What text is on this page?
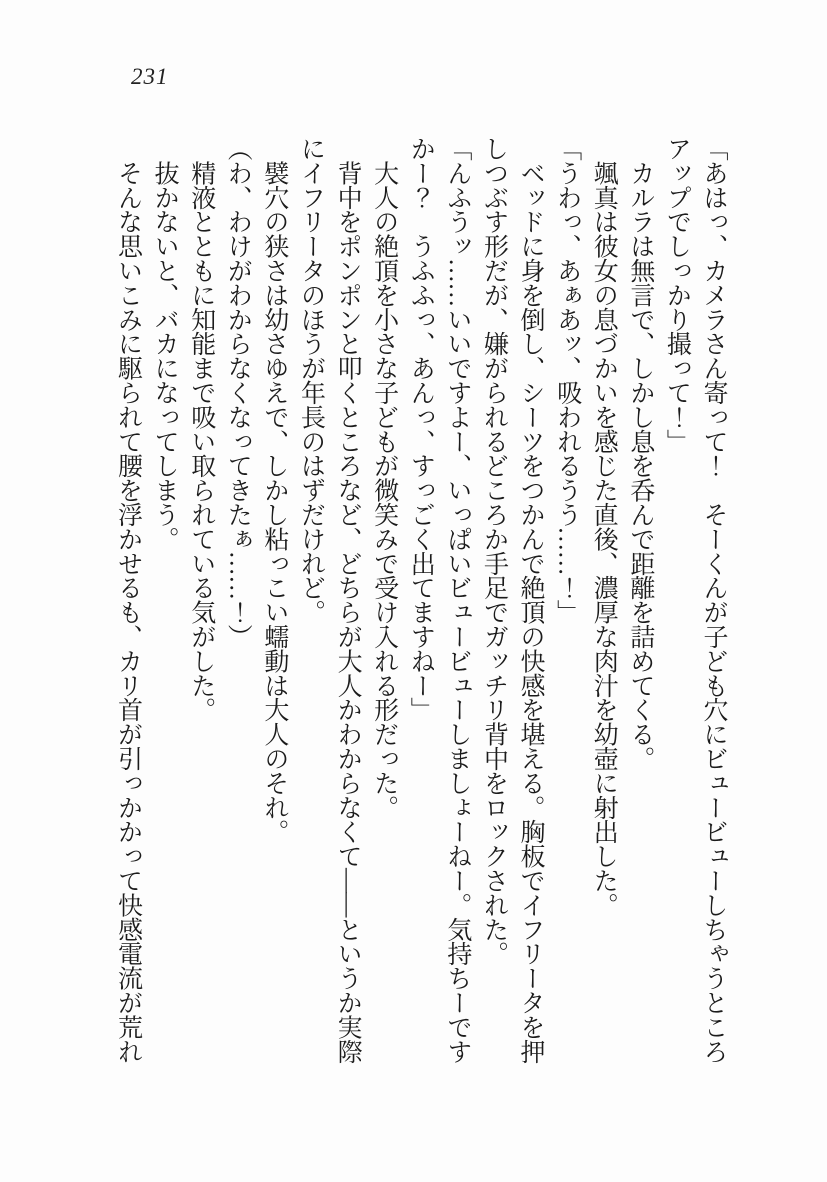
231
「あはっ、カメラさん寄って！　そーくんが子ども穴にビュービューしちゃうところ
アップでしっかり撮って！」
　カルラは無言で、しかし息を呑んで距離を詰めてくる。
　颯真は彼女の息づかいを感じた直後、濃厚な肉汁を幼壺に射出した。
「うわっ、あぁあッ、吸われるうう……！」
　ベッドに身を倒し、シーツをつかんで絶頂の快感を堪える。胸板でイフリータを押
しつぶす形だが、嫌がられるどころか手足でガッチリ背中をロックされた。
「んふうッ……いいですよー、いっぱいビュービューしましょーねー。気持ちーです
かー？　うふふっ、あんっ、すっごく出てますねー」
　大人の絶頂を小さな子どもが微笑みで受け入れる形だった。
　背中をポンポンと叩くところなど、どちらが大人かわからなくて――というか実際
にイフリータのほうが年長のはずだけれど。
　襞穴の狭さは幼さゆえで、しかし粘っこい蠕動は大人のそれ。
（わ、わけがわからなくなってきたぁ……！）
　精液とともに知能まで吸い取られている気がした。
　抜かないと、バカになってしまう。
　そんな思いこみに駆られて腰を浮かせるも、カリ首が引っかかって快感電流が荒れ
